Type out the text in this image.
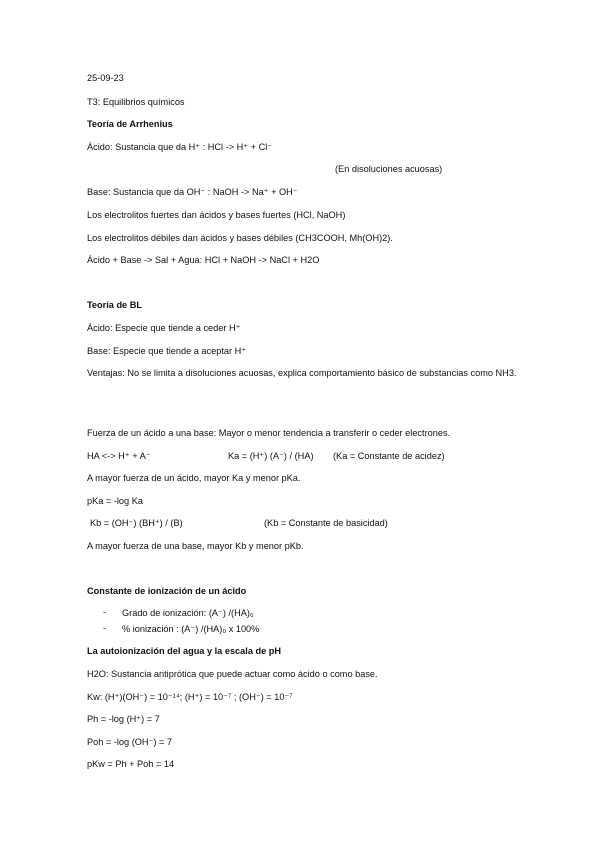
25-09-23
T3: Equilibrios químicos
Teoría de Arrhenius
Ácido: Sustancia que da H⁺ : HCl -> H⁺ + Cl⁻
(En disoluciones acuosas)
Base: Sustancia que da OH⁻ : NaOH -> Na⁺ + OH⁻
Los electrolitos fuertes dan ácidos y bases fuertes (HCl, NaOH)
Los electrolitos débiles dan ácidos y bases débiles (CH3COOH, Mh(OH)2).
Ácido + Base -> Sal + Agua: HCl + NaOH -> NaCl + H2O
Teoría de BL
Ácido: Especie que tiende a ceder H⁺
Base: Especie que tiende a aceptar H⁺
Ventajas: No se limita a disoluciones acuosas, explica comportamiento básico de substancias como NH3.
Fuerza de un ácido a una base: Mayor o menor tendencia a transferir o ceder electrones.
HA <-> H⁺ + A⁻	Ka = (H⁺) (A⁻) / (HA) (Ka = Constante de acidez)
A mayor fuerza de un ácido, mayor Ka y menor pKa.
pKa = -log Ka
Kb = (OH⁻) (BH⁺) / (B)	(Kb = Constante de basicidad)
A mayor fuerza de una base, mayor Kb y menor pKb.
Constante de ionización de un ácido
- Grado de ionización: (A⁻) /(HA)₀
- % ionización : (A⁻) /(HA)₀ x 100%
La autoionización del agua y la escala de pH
H2O: Sustancia antiprótica que puede actuar como ácido o como base.
Kw: (H⁺)(OH⁻) = 10⁻¹⁴; (H⁺) = 10⁻⁷ ; (OH⁻) = 10⁻⁷
Ph = -log (H⁺) = 7
Poh = -log (OH⁻) = 7
pKw = Ph + Poh = 14
